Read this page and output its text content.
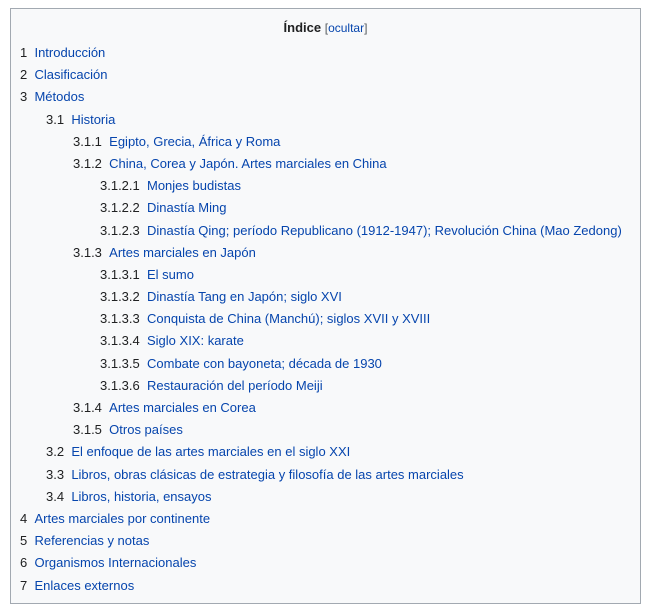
Índice [ocultar]
1 Introducción
2 Clasificación
3 Métodos
3.1 Historia
3.1.1 Egipto, Grecia, África y Roma
3.1.2 China, Corea y Japón. Artes marciales en China
3.1.2.1 Monjes budistas
3.1.2.2 Dinastía Ming
3.1.2.3 Dinastía Qing; período Republicano (1912-1947); Revolución China (Mao Zedong)
3.1.3 Artes marciales en Japón
3.1.3.1 El sumo
3.1.3.2 Dinastía Tang en Japón; siglo XVI
3.1.3.3 Conquista de China (Manchú); siglos XVII y XVIII
3.1.3.4 Siglo XIX: karate
3.1.3.5 Combate con bayoneta; década de 1930
3.1.3.6 Restauración del período Meiji
3.1.4 Artes marciales en Corea
3.1.5 Otros países
3.2 El enfoque de las artes marciales en el siglo XXI
3.3 Libros, obras clásicas de estrategia y filosofía de las artes marciales
3.4 Libros, historia, ensayos
4 Artes marciales por continente
5 Referencias y notas
6 Organismos Internacionales
7 Enlaces externos
